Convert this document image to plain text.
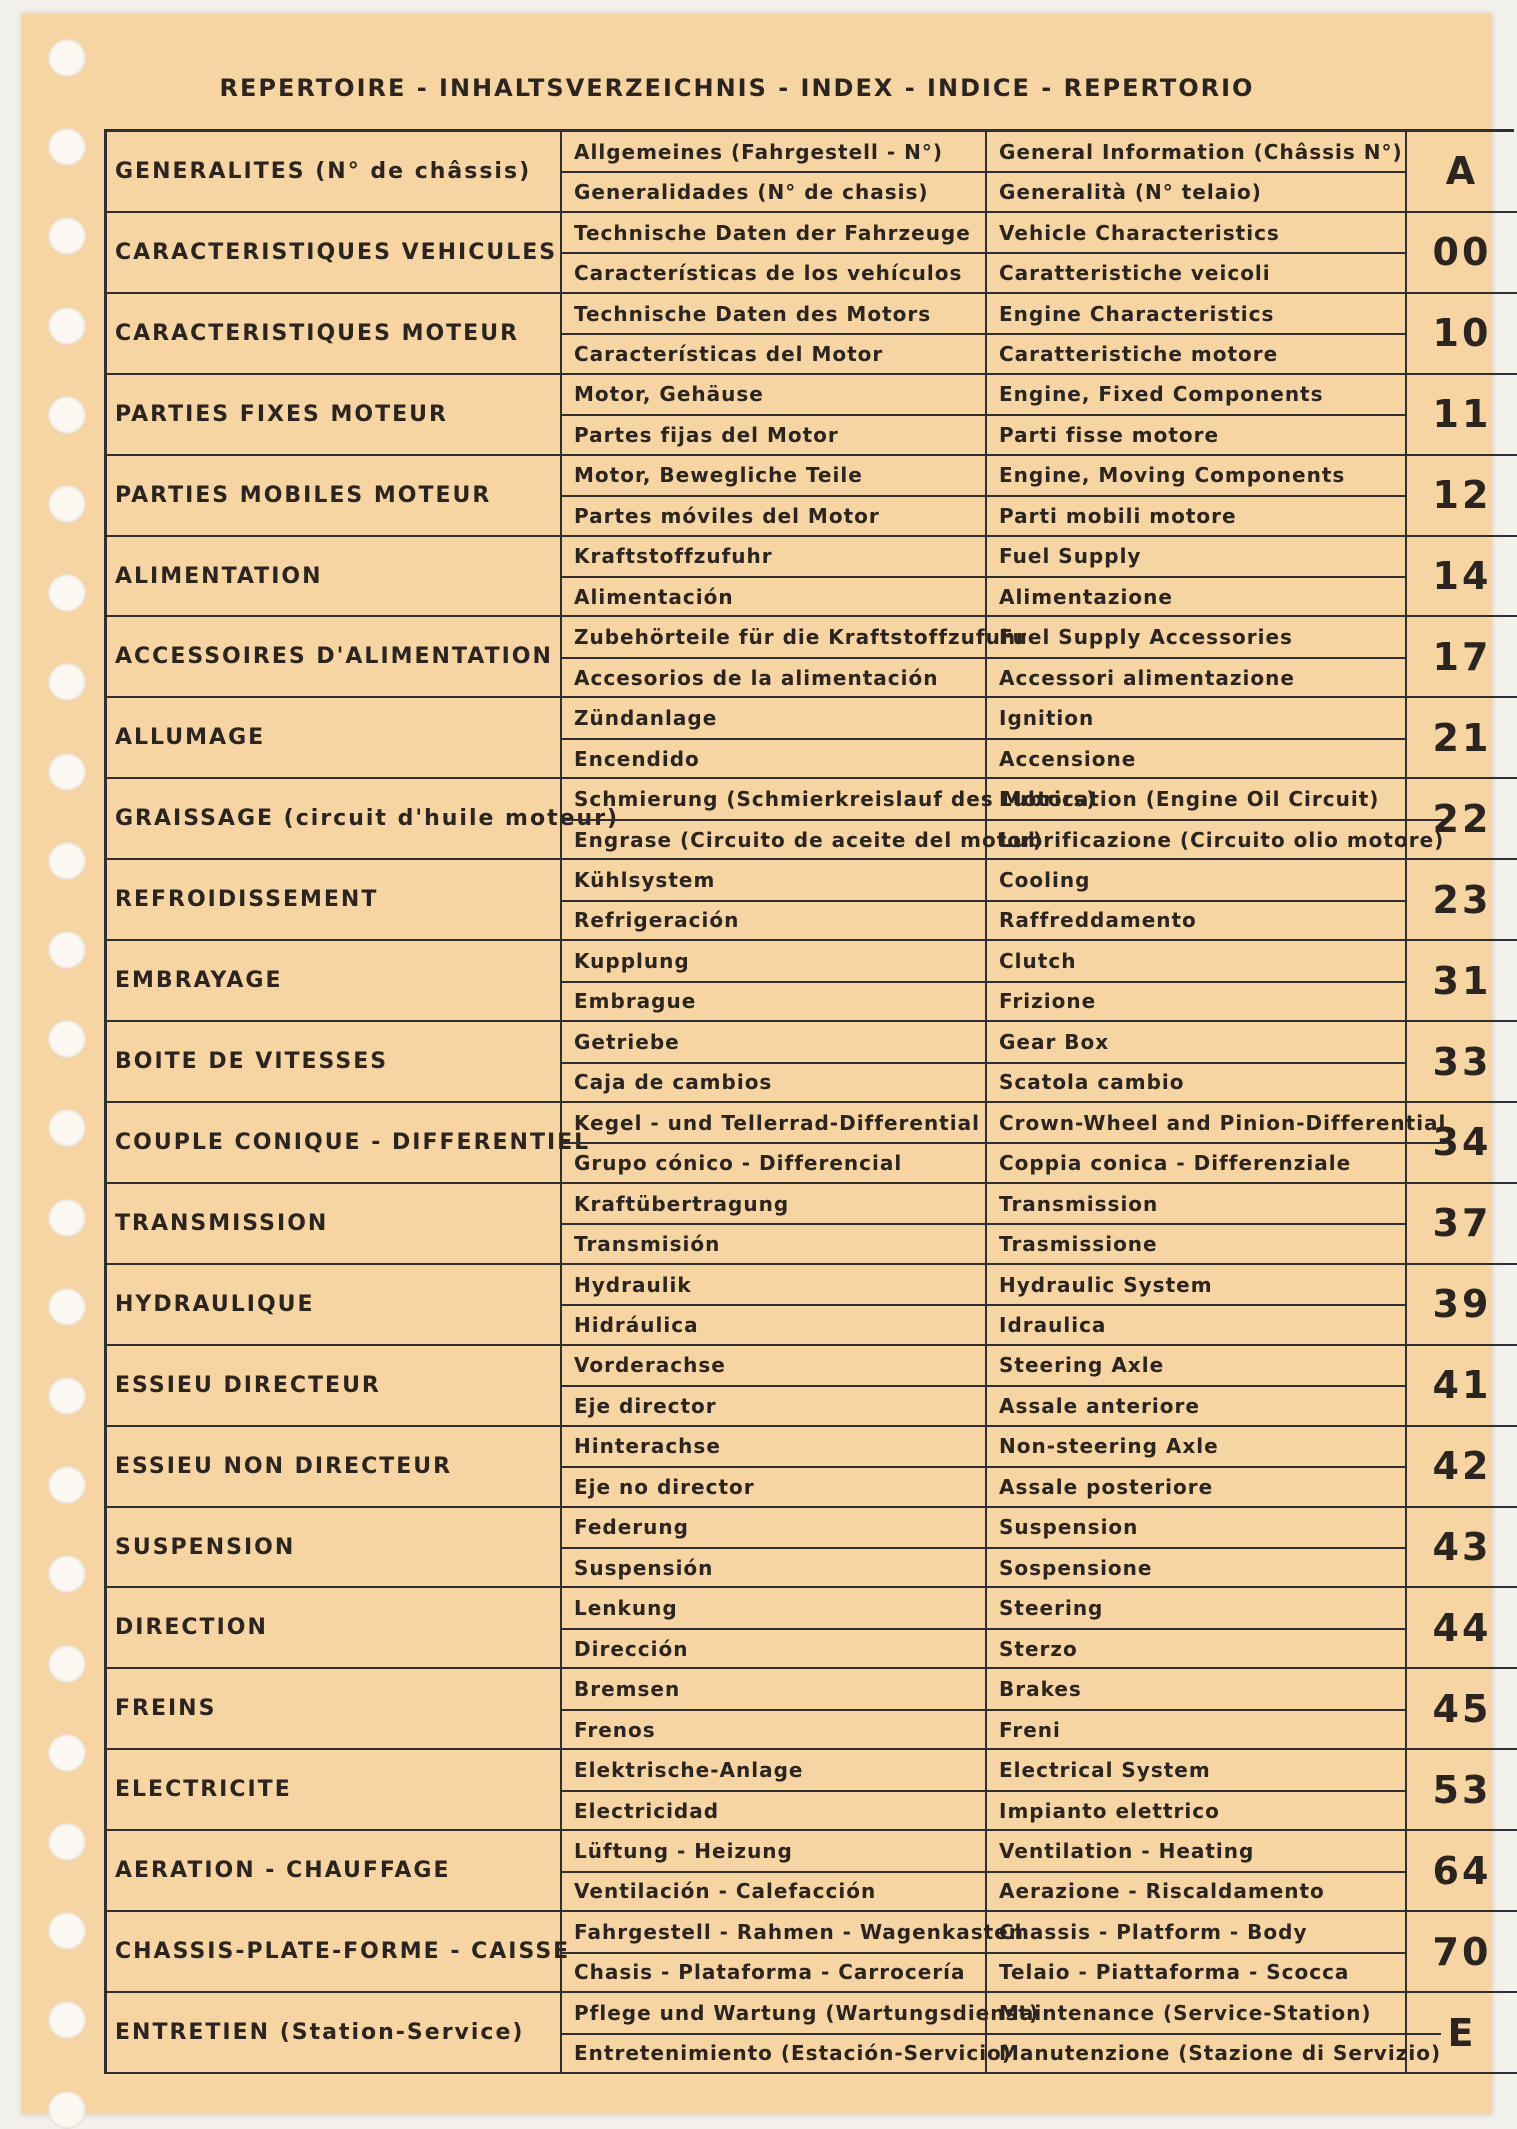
REPERTOIRE - INHALTSVERZEICHNIS - INDEX - INDICE - REPERTORIO
GENERALITES (N° de châssis)
Allgemeines (Fahrgestell - N°)
Generalidades (N° de chasis)
General Information (Châssis N°)
Generalità (N° telaio)	A
CARACTERISTIQUES VEHICULES
Technische Daten der Fahrzeuge
Características de los vehículos
Vehicle Characteristics
Caratteristiche veicoli	00
CARACTERISTIQUES MOTEUR
Technische Daten des Motors
Características del Motor
Engine Characteristics
Caratteristiche motore	10
PARTIES FIXES MOTEUR
Motor, Gehäuse
Partes fijas del Motor
Engine, Fixed Components
Parti fisse motore	11
PARTIES MOBILES MOTEUR
Motor, Bewegliche Teile
Partes móviles del Motor
Engine, Moving Components
Parti mobili motore	12
ALIMENTATION
Kraftstoffzufuhr
Alimentación
Fuel Supply
Alimentazione	14
ACCESSOIRES D'ALIMENTATION
Zubehörteile für die Kraftstoffzufuhr
Accesorios de la alimentación
Fuel Supply Accessories
Accessori alimentazione	17
ALLUMAGE
Zündanlage
Encendido
Ignition
Accensione	21
GRAISSAGE (circuit d'huile moteur)
Schmierung (Schmierkreislauf des Motors)
Engrase (Circuito de aceite del motor)
Lubrication (Engine Oil Circuit)
Lubrificazione (Circuito olio motore)
22
REFROIDISSEMENT
Kühlsystem
Refrigeración
Cooling
Raffreddamento	23
EMBRAYAGE
Kupplung
Embrague
Clutch
Frizione	31
BOITE DE VITESSES
Getriebe
Caja de cambios
Gear Box
Scatola cambio	33
COUPLE CONIQUE - DIFFERENTIEL
Kegel - und Tellerrad-Differential
Grupo cónico - Differencial
Crown-Wheel and Pinion-Differential
Coppia conica - Differenziale	34
TRANSMISSION
Kraftübertragung
Transmisión
Transmission
Trasmissione	37
HYDRAULIQUE
Hydraulik
Hidráulica
Hydraulic System
Idraulica	39
ESSIEU DIRECTEUR
Vorderachse
Eje director
Steering Axle
Assale anteriore	41
ESSIEU NON DIRECTEUR
Hinterachse
Eje no director
Non-steering Axle
Assale posteriore	42
SUSPENSION
Federung
Suspensión
Suspension
Sospensione	43
DIRECTION
Lenkung
Dirección
Steering
Sterzo	44
FREINS
Bremsen
Frenos
Brakes
Freni	45
ELECTRICITE
Elektrische-Anlage
Electricidad
Electrical System
Impianto elettrico	53
AERATION - CHAUFFAGE
Lüftung - Heizung
Ventilación - Calefacción
Ventilation - Heating
Aerazione - Riscaldamento	64
CHASSIS-PLATE-FORME - CAISSE
Fahrgestell - Rahmen - Wagenkasten
Chasis - Plataforma - Carrocería
Chassis - Platform - Body
Telaio - Piattaforma - Scocca	70
ENTRETIEN (Station-Service)
Pflege und Wartung (Wartungsdienst)
Entretenimiento (Estación-Servicio)
Maintenance (Service-Station)
Manutenzione (Stazione di Servizio) E
